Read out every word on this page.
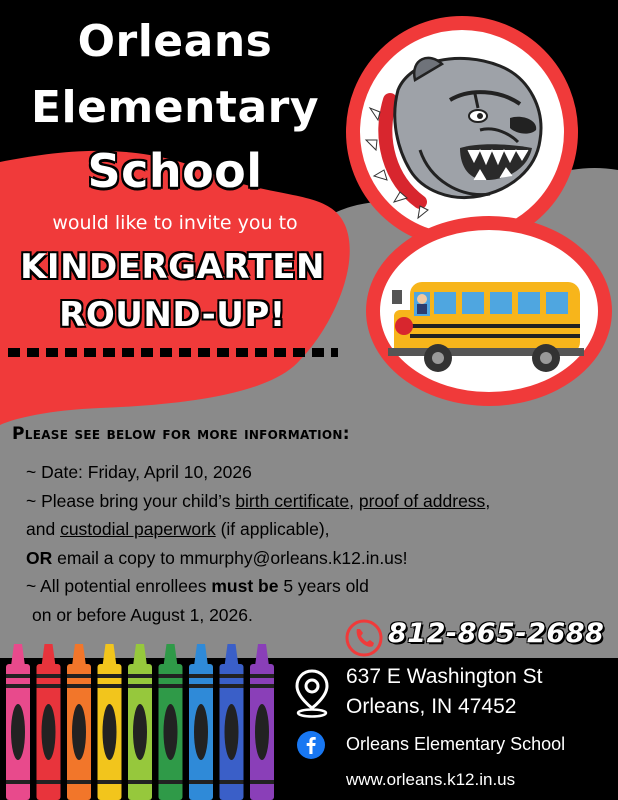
Orleans
Elementary
School
would like to invite you to
KINDERGARTEN
ROUND-UP!
Please see below for more information:
~ Date: Friday, April 10, 2026
~ Please bring your child’s birth certificate, proof of address,
and custodial paperwork (if applicable),
OR email a copy to mmurphy@orleans.k12.in.us!
~ All potential enrollees must be 5 years old
on or before August 1, 2026.
812-865-2688
637 E Washington St
Orleans, IN 47452
Orleans Elementary School
www.orleans.k12.in.us
